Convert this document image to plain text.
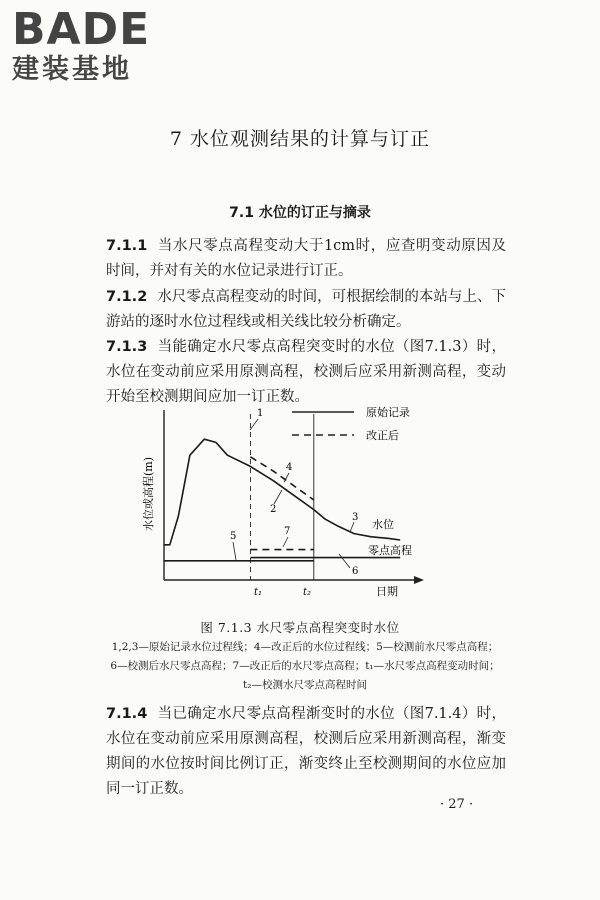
BADE
建装基地
7 水位观测结果的计算与订正
7.1 水位的订正与摘录
7.1.1 当水尺零点高程变动大于1cm时，应查明变动原因及时间，并对有关的水位记录进行订正。
7.1.2 水尺零点高程变动的时间，可根据绘制的本站与上、下游站的逐时水位过程线或相关线比较分析确定。
7.1.3 当能确定水尺零点高程突变时的水位（图7.1.3）时，水位在变动前应采用原测高程，校测后应采用新测高程，变动开始至校测期间应加一订正数。
水位或高程(m)
日期
原始记录
改正后
t₁	t₂
1
2
3
4
5
6
7
水位
零点高程
图 7.1.3 水尺零点高程突变时水位
1,2,3—原始记录水位过程线；4—改正后的水位过程线；5—校测前水尺零点高程；
6—校测后水尺零点高程；7—改正后的水尺零点高程；t₁—水尺零点高程变动时间；
t₂—校测水尺零点高程时间
7.1.4 当已确定水尺零点高程渐变时的水位（图7.1.4）时，水位在变动前应采用原测高程，校测后应采用新测高程，渐变期间的水位按时间比例订正，渐变终止至校测期间的水位应加同一订正数。
· 27 ·
